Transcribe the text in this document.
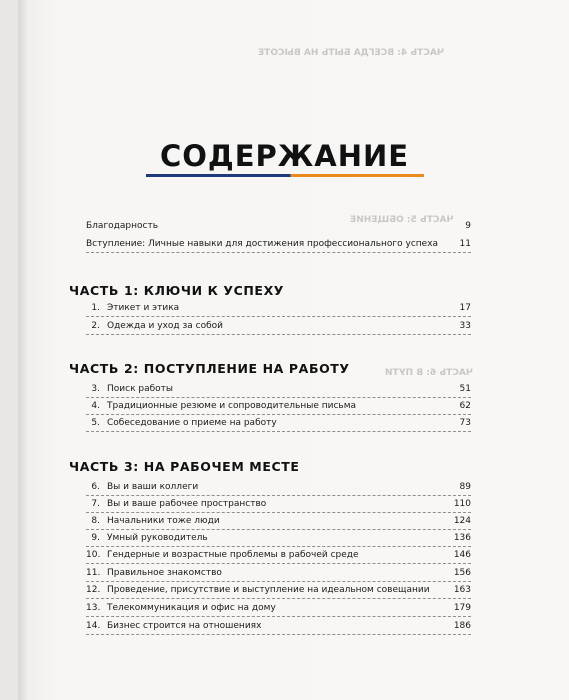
ЧАСТЬ 4: ВСЕГДА БЫТЬ НА ВЫСОТЕ
ЧАСТЬ 5: ОБЩЕНИЕ
ЧАСТЬ 6: В ПУТИ
СОДЕРЖАНИЕ
Благодарность	9
Вступление: Личные навыки для достижения профессионального успеха 11
ЧАСТЬ 1: КЛЮЧИ К УСПЕХУ
1. Этикет и этика	17
2. Одежда и уход за собой	33
ЧАСТЬ 2: ПОСТУПЛЕНИЕ НА РАБОТУ
3. Поиск работы	51
4. Традиционные резюме и сопроводительные письма	62
5. Собеседование о приеме на работу	73
ЧАСТЬ 3: НА РАБОЧЕМ МЕСТЕ
6. Вы и ваши коллеги	89
7. Вы и ваше рабочее пространство	110
8. Начальники тоже люди	124
9. Умный руководитель	136
10. Гендерные и возрастные проблемы в рабочей среде	146
11. Правильное знакомство	156
12. Проведение, присутствие и выступление на идеальном совещании	163
13. Телекоммуникация и офис на дому	179
14. Бизнес строится на отношениях	186
